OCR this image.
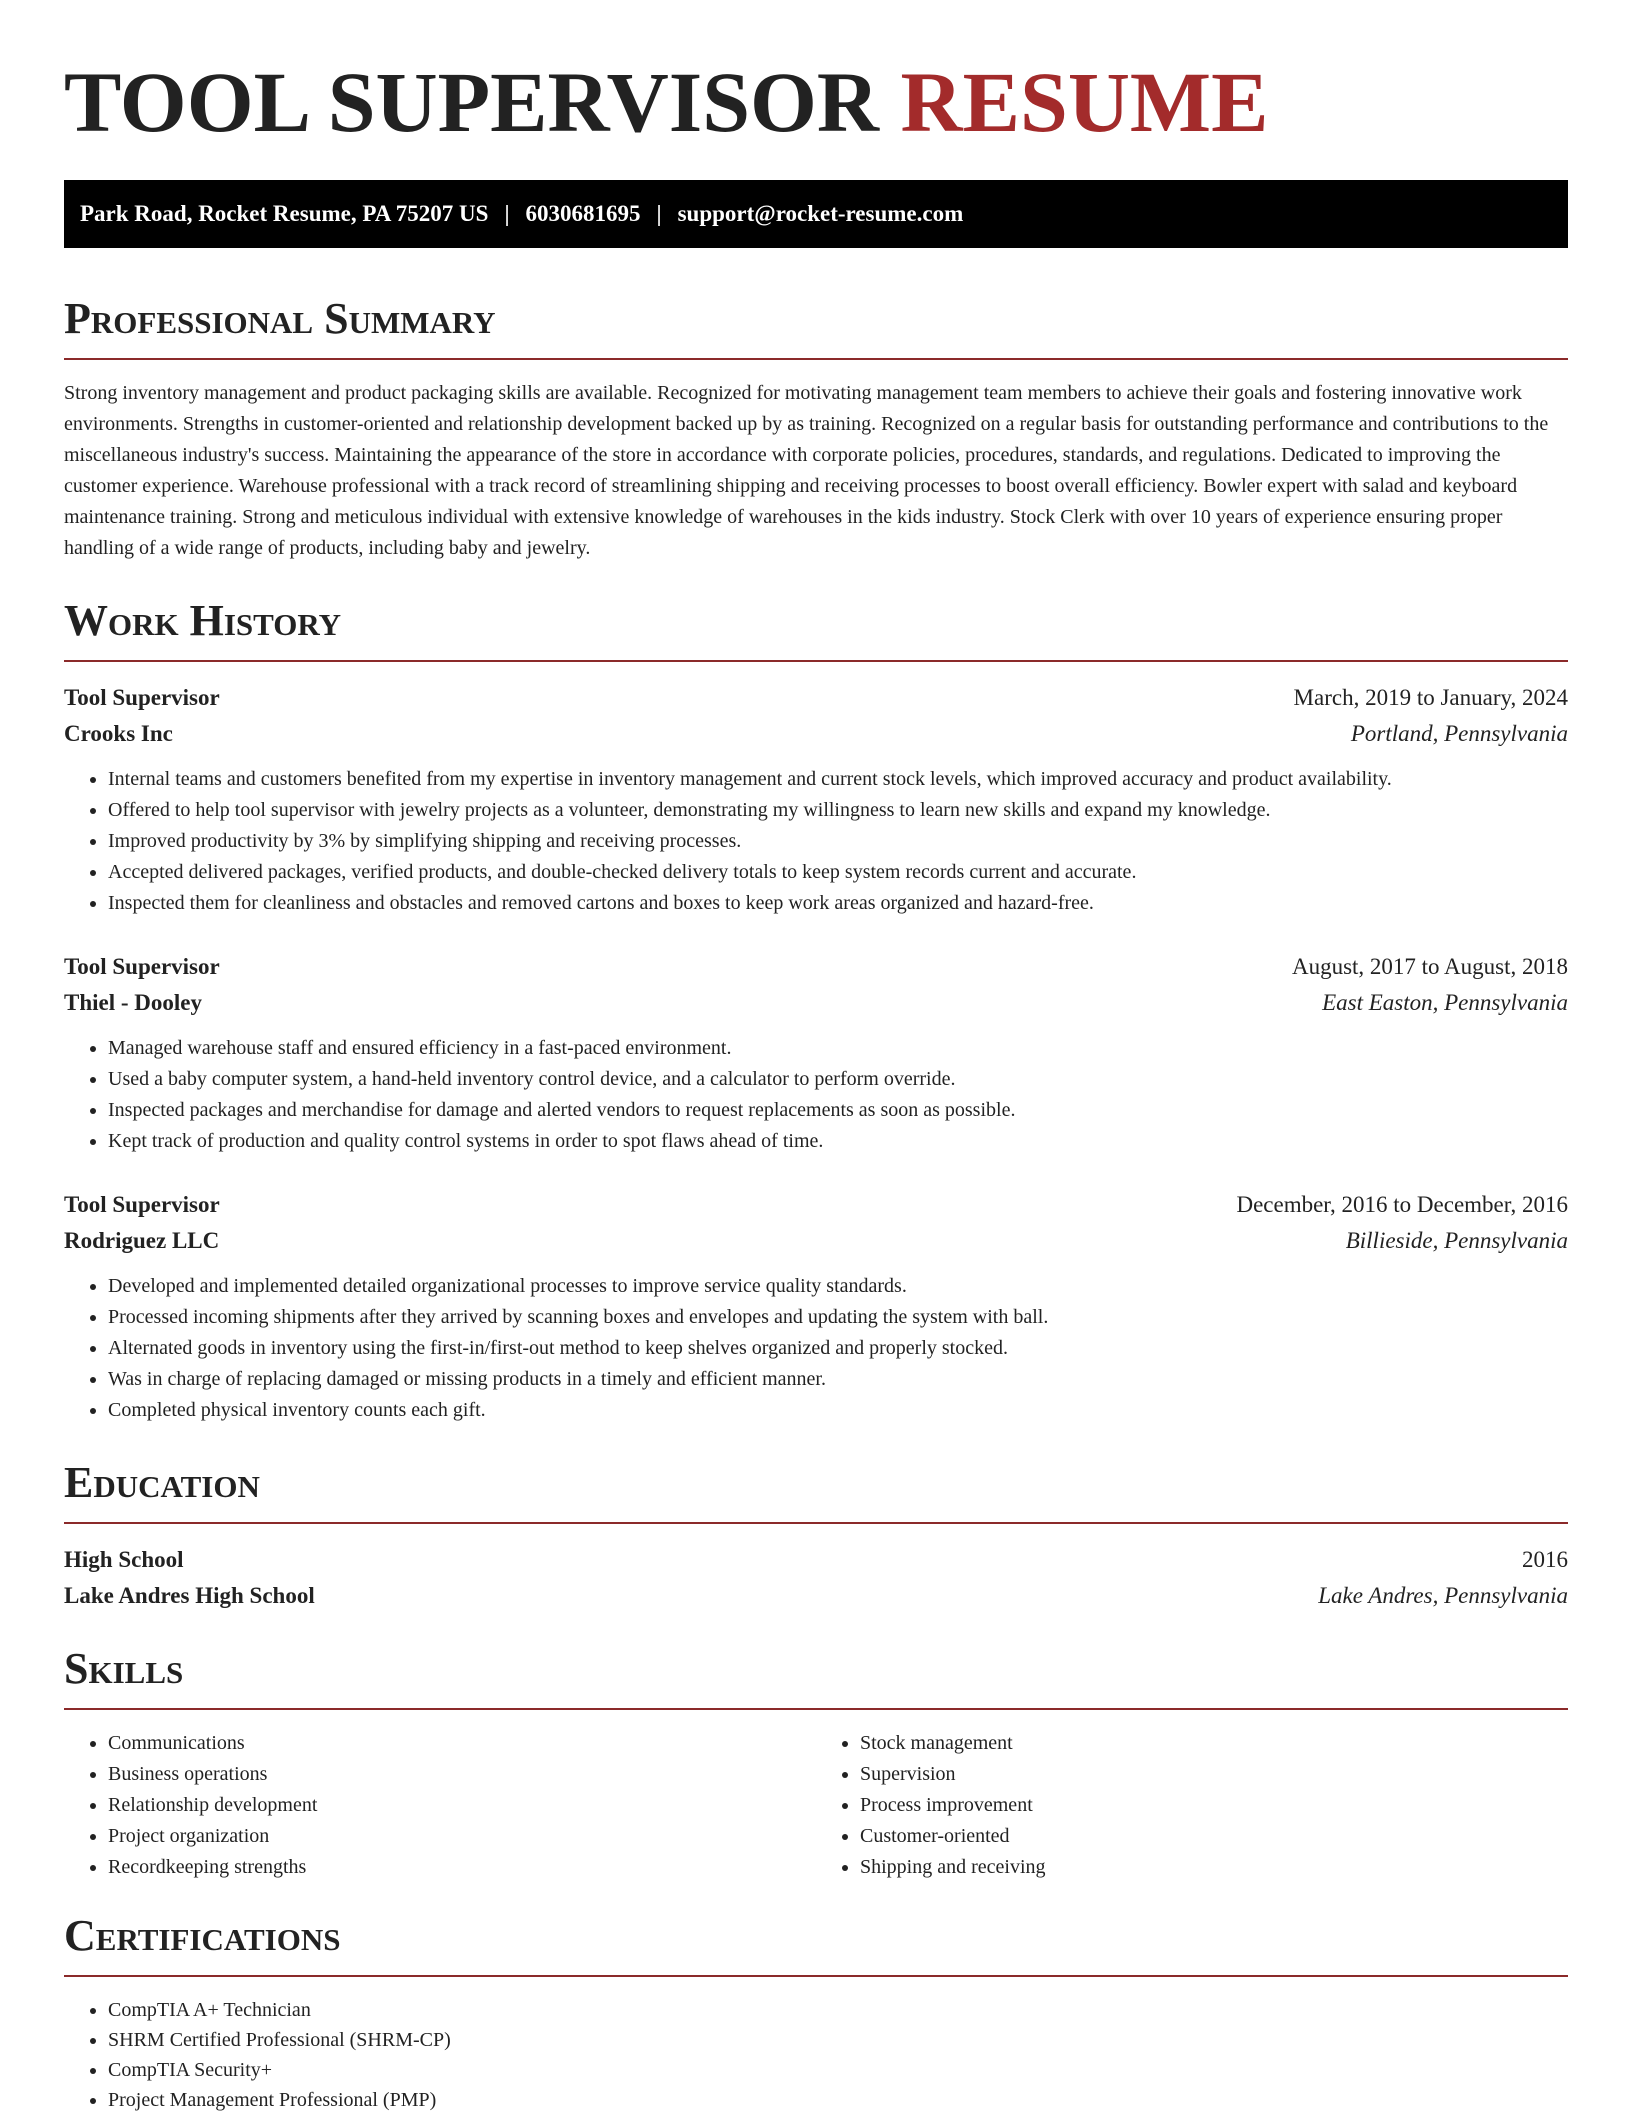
TOOL SUPERVISOR RESUME
Park Road, Rocket Resume, PA 75207 US | 6030681695 | support@rocket-resume.com
Professional Summary

Strong inventory management and product packaging skills are available. Recognized for motivating management team members to achieve their goals and fostering innovative work environments. Strengths in customer-oriented and relationship development backed up by as training. Recognized on a regular basis for outstanding performance and contributions to the miscellaneous industry's success. Maintaining the appearance of the store in accordance with corporate policies, procedures, standards, and regulations. Dedicated to improving the customer experience. Warehouse professional with a track record of streamlining shipping and receiving processes to boost overall efficiency. Bowler expert with salad and keyboard maintenance training. Strong and meticulous individual with extensive knowledge of warehouses in the kids industry. Stock Clerk with over 10 years of experience ensuring proper handling of a wide range of products, including baby and jewelry.

Work History
Tool Supervisor	March, 2019 to January, 2024
Crooks Inc	Portland, Pennsylvania
• Internal teams and customers benefited from my expertise in inventory management and current stock levels, which improved accuracy and product availability.
• Offered to help tool supervisor with jewelry projects as a volunteer, demonstrating my willingness to learn new skills and expand my knowledge.
• Improved productivity by 3% by simplifying shipping and receiving processes.
• Accepted delivered packages, verified products, and double-checked delivery totals to keep system records current and accurate.
• Inspected them for cleanliness and obstacles and removed cartons and boxes to keep work areas organized and hazard-free.
Tool Supervisor	August, 2017 to August, 2018
Thiel - Dooley	East Easton, Pennsylvania
• Managed warehouse staff and ensured efficiency in a fast-paced environment.
• Used a baby computer system, a hand-held inventory control device, and a calculator to perform override.
• Inspected packages and merchandise for damage and alerted vendors to request replacements as soon as possible.
• Kept track of production and quality control systems in order to spot flaws ahead of time.
Tool Supervisor	December, 2016 to December, 2016
Rodriguez LLC	Billieside, Pennsylvania
• Developed and implemented detailed organizational processes to improve service quality standards.
• Processed incoming shipments after they arrived by scanning boxes and envelopes and updating the system with ball.
• Alternated goods in inventory using the first-in/first-out method to keep shelves organized and properly stocked.
• Was in charge of replacing damaged or missing products in a timely and efficient manner.
• Completed physical inventory counts each gift.
Education
High School	2016
Lake Andres High School	Lake Andres, Pennsylvania
Skills
• Communications
• Business operations
• Relationship development
• Project organization
• Recordkeeping strengths
• Stock management
• Supervision
• Process improvement
• Customer-oriented
• Shipping and receiving
Certifications
• CompTIA A+ Technician
• SHRM Certified Professional (SHRM-CP)
• CompTIA Security+
• Project Management Professional (PMP)
